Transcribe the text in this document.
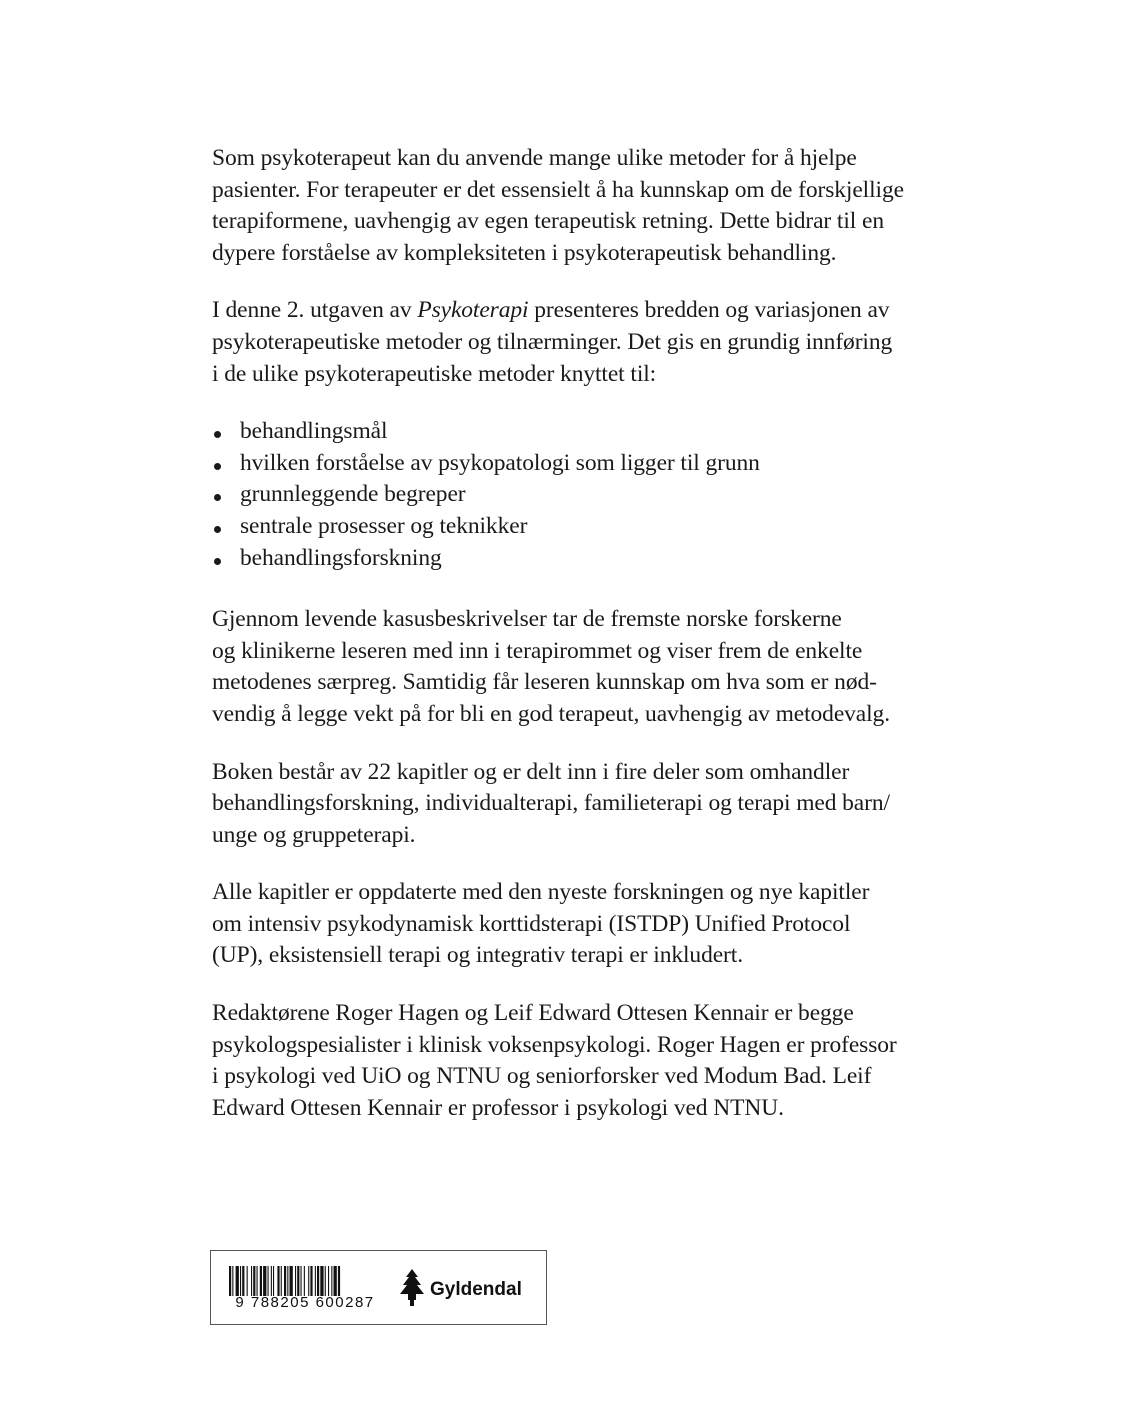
Som psykoterapeut kan du anvende mange ulike metoder for å hjelpe
pasienter. For terapeuter er det essensielt å ha kunnskap om de forskjellige
terapiformene, uavhengig av egen terapeutisk retning. Dette bidrar til en
dypere forståelse av kompleksiteten i psykoterapeutisk behandling.

I denne 2. utgaven av Psykoterapi presenteres bredden og variasjonen av
psykoterapeutiske metoder og tilnærminger. Det gis en grundig innføring
i de ulike psykoterapeutiske metoder knyttet til:

behandlingsmål
hvilken forståelse av psykopatologi som ligger til grunn
grunnleggende begreper
sentrale prosesser og teknikker
behandlingsforskning

Gjennom levende kasusbeskrivelser tar de fremste norske forskerne
og klinikerne leseren med inn i terapirommet og viser frem de enkelte
metodenes særpreg. Samtidig får leseren kunnskap om hva som er nød-
vendig å legge vekt på for bli en god terapeut, uavhengig av metodevalg.

Boken består av 22 kapitler og er delt inn i fire deler som omhandler
behandlingsforskning, individualterapi, familieterapi og terapi med barn/
unge og gruppeterapi.

Alle kapitler er oppdaterte med den nyeste forskningen og nye kapitler
om intensiv psykodynamisk korttidsterapi (ISTDP) Unified Protocol
(UP), eksistensiell terapi og integrativ terapi er inkludert.

Redaktørene Roger Hagen og Leif Edward Ottesen Kennair er begge
psykologspesialister i klinisk voksenpsykologi. Roger Hagen er professor
i psykologi ved UiO og NTNU og seniorforsker ved Modum Bad. Leif
Edward Ottesen Kennair er professor i psykologi ved NTNU.

9 788205 600287
Gyldendal
